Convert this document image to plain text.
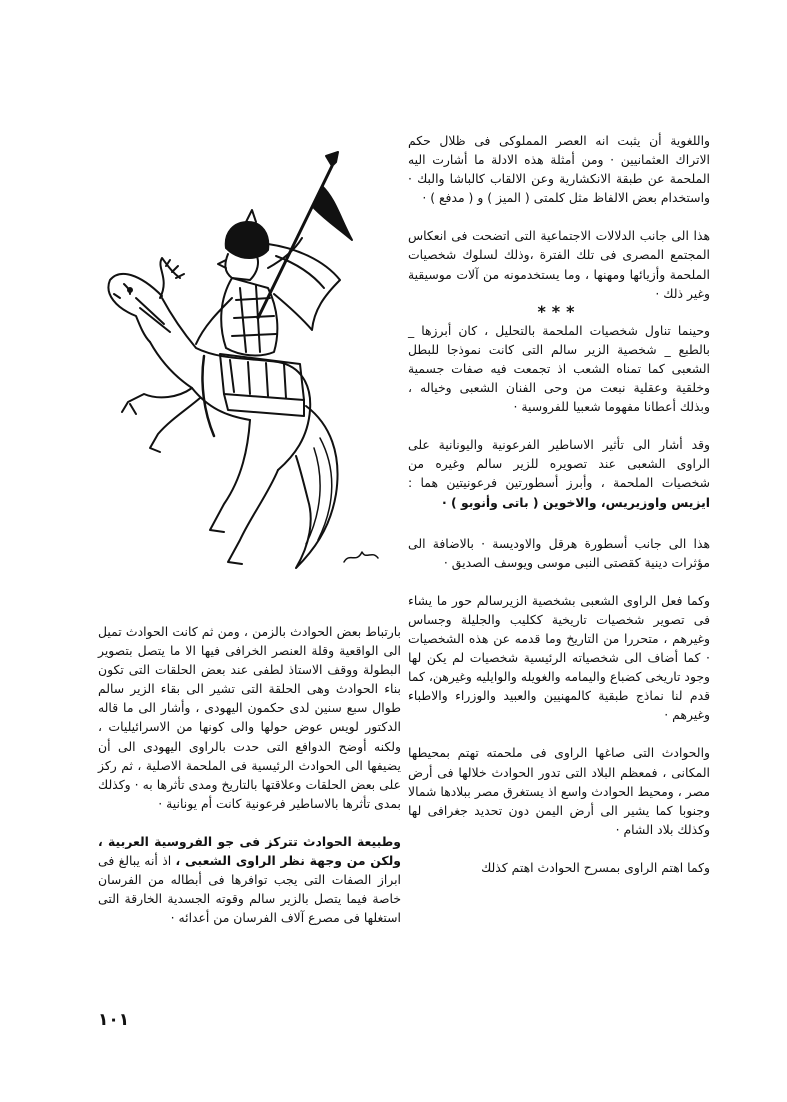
واللغوية أن يثبت انه العصر المملوكى فى ظلال حكم الاتراك العثمانيين · ومن أمثلة هذه الادلة ما أشارت اليه الملحمة عن طبقة الانكشارية وعن الالقاب كالباشا والبك · واستخدام بعض الالفاظ مثل كلمتى ( الميز ) و ( مدفع ) ·

هذا الى جانب الدلالات الاجتماعية التى اتضحت فى انعكاس المجتمع المصرى فى تلك الفترة ،وذلك لسلوك شخصيات الملحمة وأزيائها ومهنها ، وما يستخدمونه من آلات موسيقية وغير ذلك ·

***

وحينما تناول شخصيات الملحمة بالتحليل ، كان أبرزها _ بالطبع _ شخصية الزير سالم التى كانت نموذجا للبطل الشعبى كما تمناه الشعب اذ تجمعت فيه صفات جسمية وخلقية وعقلية نبعت من وحى الفنان الشعبى وخياله ، وبذلك أعطانا مفهوما شعبيا للفروسية ·

وقد أشار الى تأثير الاساطير الفرعونية واليونانية على الراوى الشعبى عند تصويره للزير سالم وغيره من شخصيات الملحمة ، وأبرز أسطورتين فرعونيتين هما : ايزيس واوزيريس، والاخوين ( باتى وأنوبو ) ·

هذا الى جانب أسطورة هرقل والاوديسة · بالاضافة الى مؤثرات دينية كقصتى النبى موسى ويوسف الصديق ·

وكما فعل الراوى الشعبى بشخصية الزيرسالم حور ما يشاء فى تصوير شخصيات تاريخية ككليب والجليلة وجساس وغيرهم ، متحررا من التاريخ وما قدمه عن هذه الشخصيات · كما أضاف الى شخصياته الرئيسية شخصيات لم يكن لها وجود تاريخى كضباع واليمامه والغويله والوايليه وغيرهن، كما قدم لنا نماذج طبقية كالمهنيين والعبيد والوزراء والاطباء وغيرهم ·

والحوادث التى صاغها الراوى فى ملحمته تهتم بمحيطها المكانى ، فمعظم البلاد التى تدور الحوادث خلالها فى أرض مصر ، ومحيط الحوادث واسع اذ يستغرق مصر ببلادها شمالا وجنوبا كما يشير الى أرض اليمن دون تحديد جغرافى لها وكذلك بلاد الشام ·

وكما اهتم الراوى بمسرح الحوادث اهتم كذلك

بارتباط بعض الحوادث بالزمن ، ومن ثم كانت الحوادث تميل الى الواقعية وقلة العنصر الخرافى فيها الا ما يتصل بتصوير البطولة ووقف الاستاذ لطفى عند بعض الحلقات التى تكون بناء الحوادث وهى الحلقة التى تشير الى بقاء الزير سالم طوال سبع سنين لدى حكمون اليهودى ، وأشار الى ما قاله الدكتور لويس عوض حولها والى كونها من الاسرائيليات ، ولكنه أوضح الدوافع التى حدت بالراوى اليهودى الى أن يضيفها الى الحوادث الرئيسية فى الملحمة الاصلية ، ثم ركز على بعض الحلقات وعلاقتها بالتاريخ ومدى تأثرها به · وكذلك بمدى تأثرها بالاساطير فرعونية كانت أم يونانية ·

وطبيعة الحوادث تتركز فى جو الفروسية العربية ، ولكن من وجهة نظر الراوى الشعبى ، اذ أنه يبالغ فى ابراز الصفات التى يجب توافرها فى أبطاله من الفرسان خاصة فيما يتصل بالزير سالم وقوته الجسدية الخارقة التى استغلها فى مصرع آلاف الفرسان من أعدائه ·

١٠١
